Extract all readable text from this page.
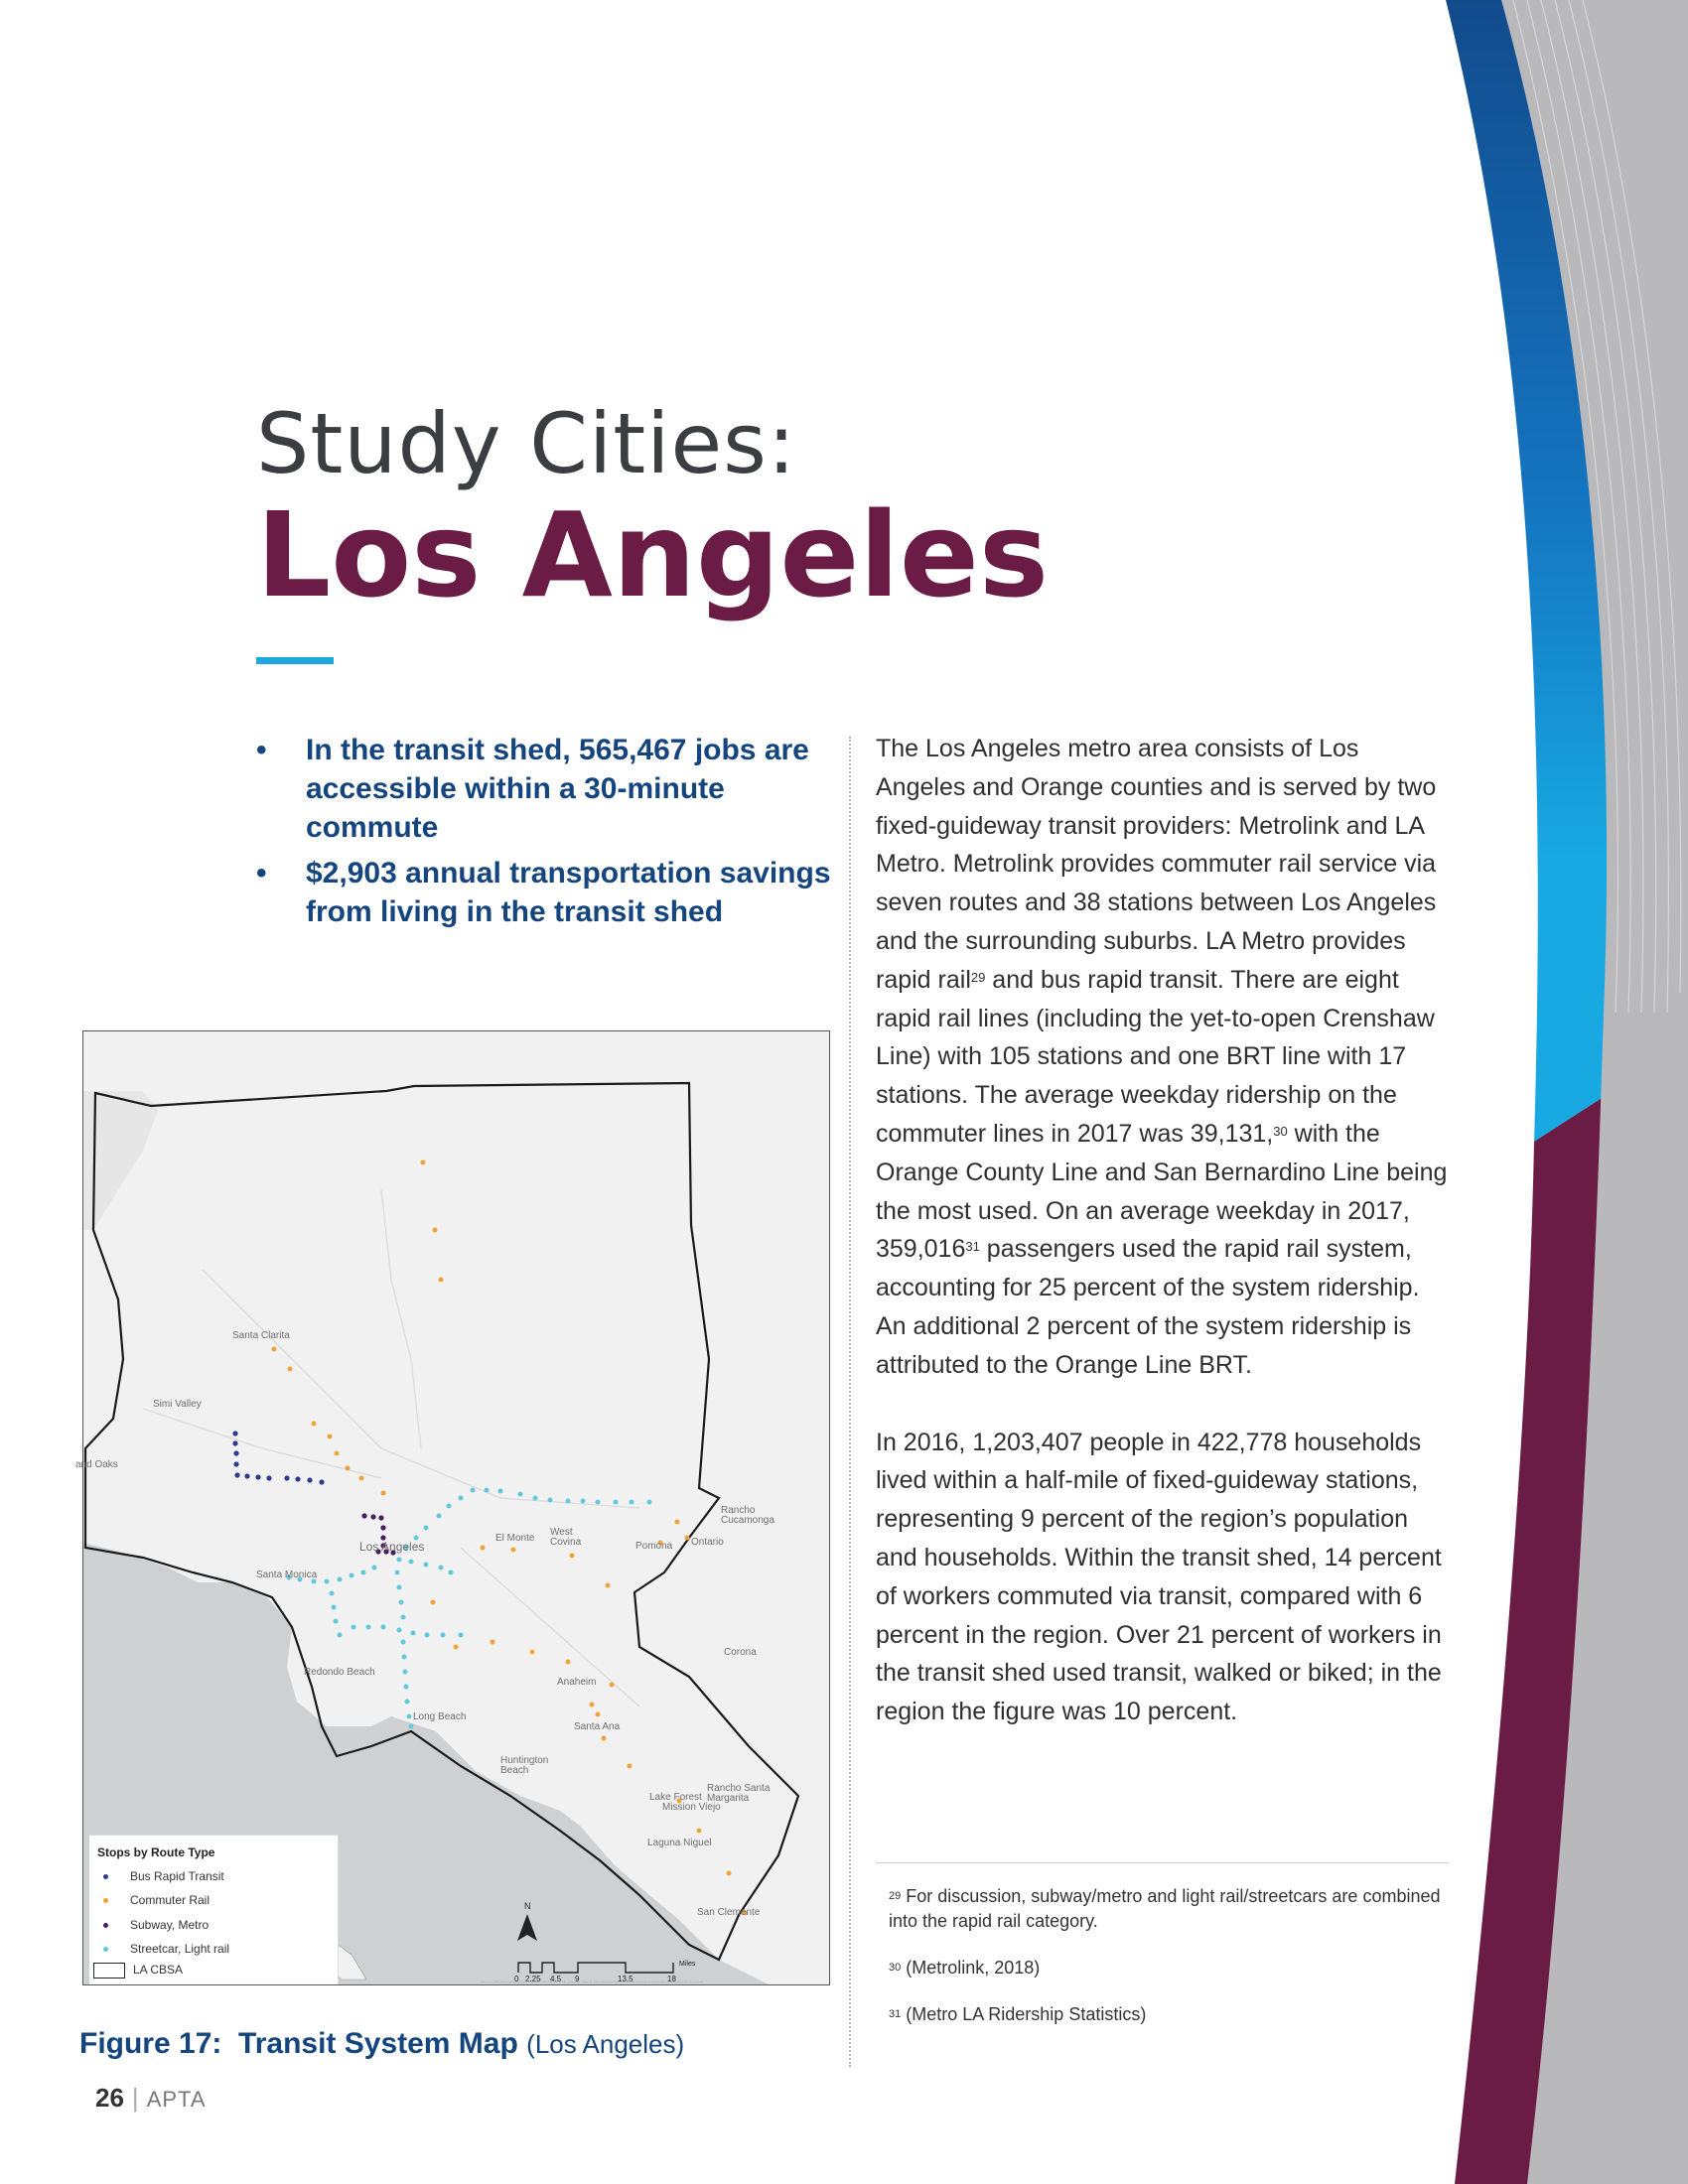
Study Cities:
Los Angeles
• In the transit shed, 565,467 jobs are accessible within a 30-minute commute
• $2,903 annual transportation savings from living in the transit shed

The Los Angeles metro area consists of Los Angeles and Orange counties and is served by two fixed-guideway transit providers: Metrolink and LA Metro. Metrolink provides commuter rail service via seven routes and 38 stations between Los Angeles and the surrounding suburbs. LA Metro provides rapid rail$^{29}$ and bus rapid transit. There are eight rapid rail lines (including the yet-to-open Crenshaw Line) with 105 stations and one BRT line with 17 stations. The average weekday ridership on the commuter lines in 2017 was 39,131,30 with the Orange County Line and San Bernardino Line being the most used. On an average weekday in 2017, 359,016$^{31}$ passengers used the rapid rail system, accounting for 25 percent of the system ridership. An additional 2 percent of the system ridership is attributed to the Orange Line BRT.

In 2016, 1,203,407 people in 422,778 households lived within a half-mile of fixed-guideway stations, representing 9 percent of the region’s population and households. Within the transit shed, 14 percent of workers commuted via transit, compared with 6 percent in the region. Over 21 percent of workers in the transit shed used transit, walked or biked; in the region the figure was 10 percent.

$^{29}$ For discussion, subway/metro and light rail/streetcars are combined into the rapid rail category.

$^{30}$ (Metrolink, 2018)

$^{31}$ (Metro LA Ridership Statistics)

Santa Clarita
Simi Valley
and Oaks
Los Angeles
El Monte
West Covina	Pomona Ontario
Rancho Cucamonga
Santa Monica
Redondo Beach
Anaheim
Corona
Long Beach
Santa Ana
Huntington Beach
Lake Forest
Mission Viejo
Rancho Santa Margarita
Laguna Niguel
San Clemente
N
0 2.25 4.5 9	13.5	18
Miles
Sources: Esri, HERE, Garmin, Intermap, increment P Corp., GEBCO, USGS, FAO, NPS, NRCAN, GeoBase, IGN, Kadaster NL, Ordnance Survey, Esri Japan, METI, Esri China (Hong Kong), (c) OpenStreetMap contributors, and the GIS User Community
Stops by Route Type
Bus Rapid Transit
Commuter Rail
Subway, Metro
Streetcar, Light rail
LA CBSA
Figure 17: Transit System Map (Los Angeles)
26 | APTA
